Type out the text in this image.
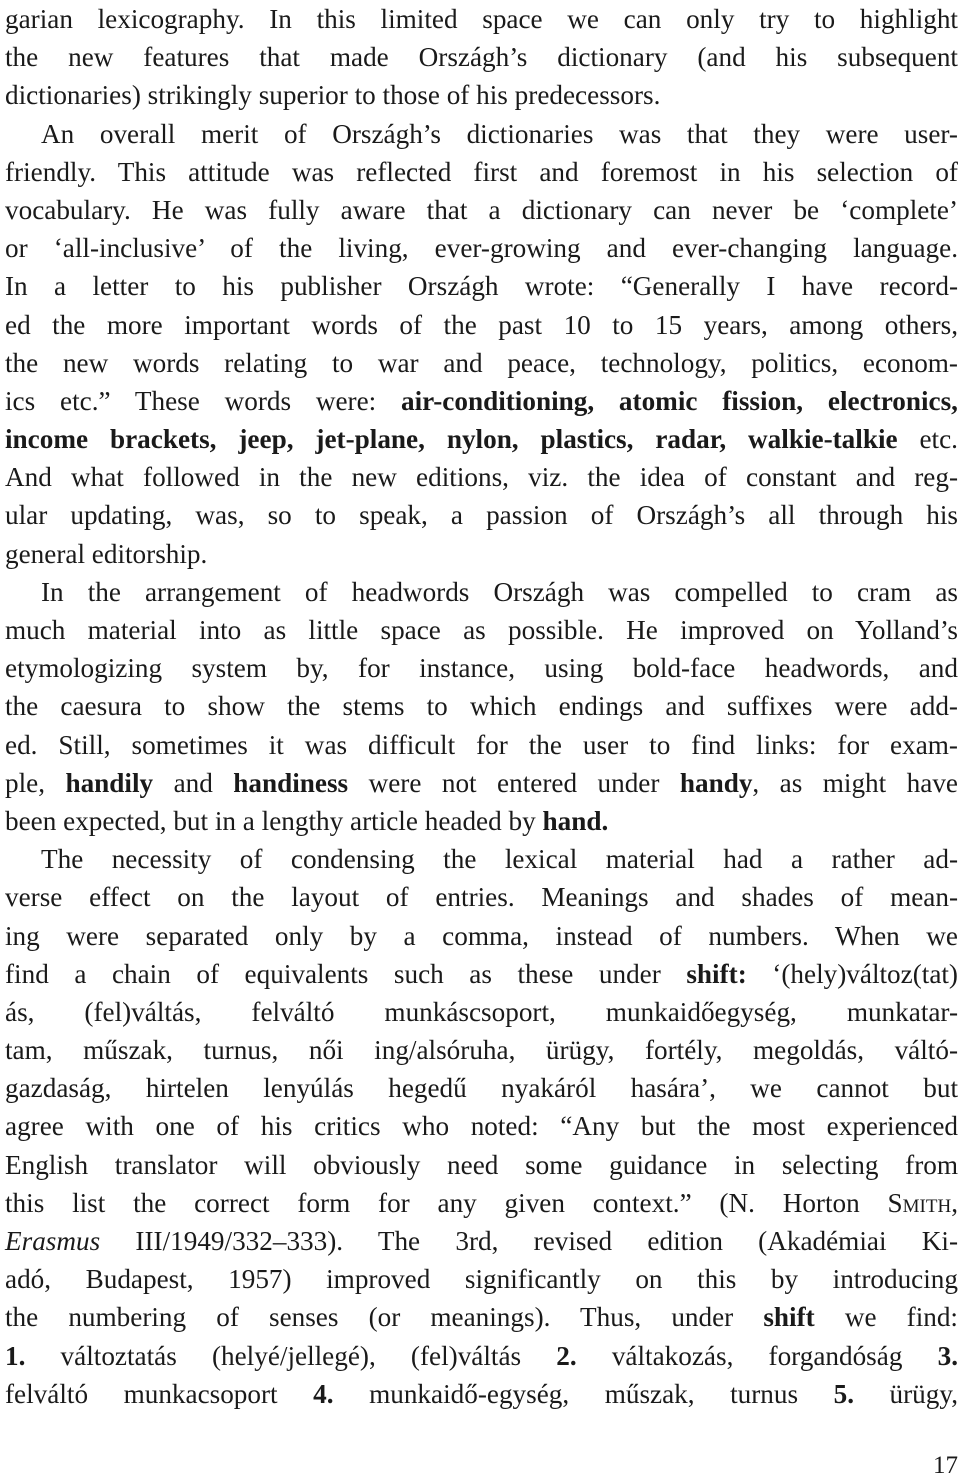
garian lexicography. In this limited space we can only try to highlight
the new features that made Országh’s dictionary (and his subsequent
dictionaries) strikingly superior to those of his predecessors.
An overall merit of Országh’s dictionaries was that they were user-
friendly. This attitude was reflected first and foremost in his selection of
vocabulary. He was fully aware that a dictionary can never be ‘complete’
or ‘all-inclusive’ of the living, ever-growing and ever-changing language.
In a letter to his publisher Országh wrote: “Generally I have record-
ed the more important words of the past 10 to 15 years, among others,
the new words relating to war and peace, technology, politics, econom-
ics etc.” These words were: air-conditioning, atomic fission, electronics,
income brackets, jeep, jet-plane, nylon, plastics, radar, walkie-talkie etc.
And what followed in the new editions, viz. the idea of constant and reg-
ular updating, was, so to speak, a passion of Országh’s all through his
general editorship.
In the arrangement of headwords Országh was compelled to cram as
much material into as little space as possible. He improved on Yolland’s
etymologizing system by, for instance, using bold-face headwords, and
the caesura to show the stems to which endings and suffixes were add-
ed. Still, sometimes it was difficult for the user to find links: for exam-
ple, handily and handiness were not entered under handy, as might have
been expected, but in a lengthy article headed by hand.
The necessity of condensing the lexical material had a rather ad-
verse effect on the layout of entries. Meanings and shades of mean-
ing were separated only by a comma, instead of numbers. When we
find a chain of equivalents such as these under shift: ‘(hely)változ(tat)
ás, (fel)váltás, felváltó munkáscsoport, munkaidőegység, munkatar-
tam, műszak, turnus, női ing/alsóruha, ürügy, fortély, megoldás, váltó-
gazdaság, hirtelen lenyúlás hegedű nyakáról hasára’, we cannot but
agree with one of his critics who noted: “Any but the most experienced
English translator will obviously need some guidance in selecting from
this list the correct form for any given context.” (N. Horton Smith,
Erasmus III/1949/332–333). The 3rd, revised edition (Akadémiai Ki-
adó, Budapest, 1957) improved significantly on this by introducing
the numbering of senses (or meanings). Thus, under shift we find:
1. változtatás (helyé/jellegé), (fel)váltás 2. váltakozás, forgandóság 3.
felváltó munkacsoport 4. munkaidő-egység, műszak, turnus 5. ürügy,
17
